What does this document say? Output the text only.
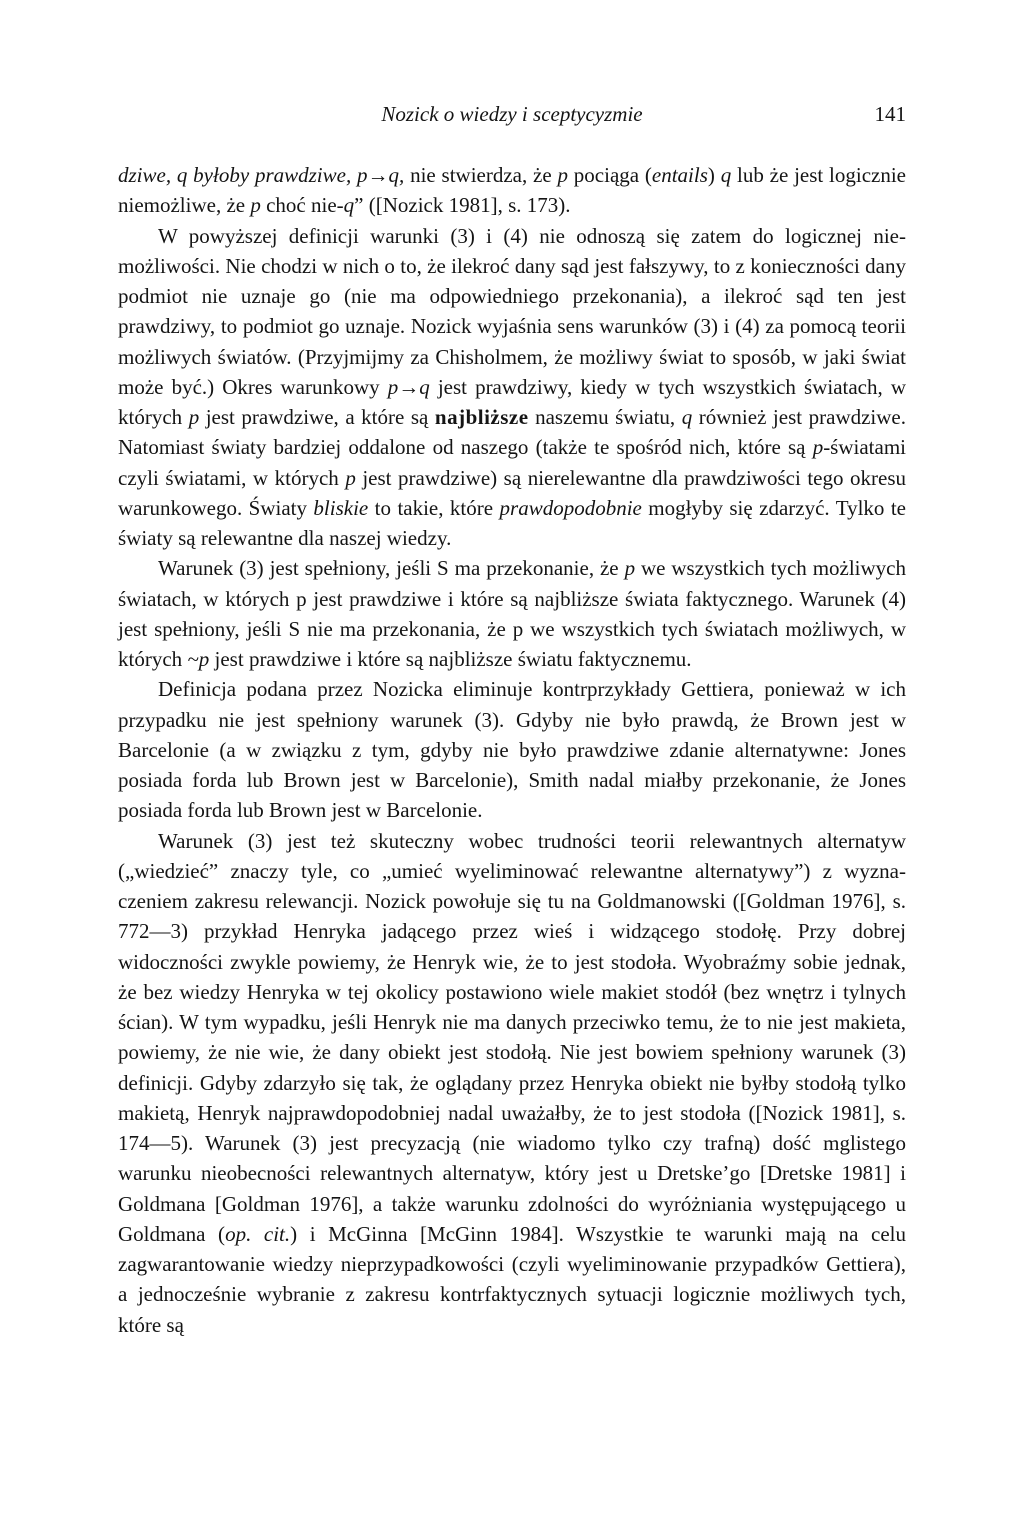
Nozick o wiedzy i sceptycyzmie	141

dziwe, q byłoby prawdziwe, p→q, nie stwierdza, że p pociąga (entails) q lub że jest logicznie niemożliwe, że p choć nie-q” ([Nozick 1981], s. 173).

W powyższej definicji warunki (3) i (4) nie odnoszą się zatem do logicznej niemożliwości. Nie chodzi w nich o to, że ilekroć dany sąd jest fałszywy, to z konieczności dany podmiot nie uznaje go (nie ma odpowiedniego przekonania), a ilekroć sąd ten jest prawdziwy, to podmiot go uznaje. Nozick wyjaśnia sens warunków (3) i (4) za pomocą teorii możliwych światów. (Przyjmijmy za Chisholmem, że możliwy świat to sposób, w jaki świat może być.) Okres warunkowy p→q jest prawdziwy, kiedy w tych wszystkich światach, w których p jest prawdziwe, a które są najbliższe naszemu światu, q również jest prawdziwe. Natomiast światy bardziej oddalone od naszego (także te spośród nich, które są p-światami czyli światami, w których p jest prawdziwe) są nierelewantne dla prawdziwości tego okresu warunkowego. Światy bliskie to takie, które prawdopodobnie mogłyby się zdarzyć. Tylko te światy są relewantne dla naszej wiedzy.

Warunek (3) jest spełniony, jeśli S ma przekonanie, że p we wszystkich tych możliwych światach, w których p jest prawdziwe i które są najbliższe świata faktycznego. Warunek (4) jest spełniony, jeśli S nie ma przekonania, że p we wszystkich tych światach możliwych, w których ~p jest prawdziwe i które są najbliższe światu faktycznemu.

Definicja podana przez Nozicka eliminuje kontrprzykłady Gettiera, ponieważ w ich przypadku nie jest spełniony warunek (3). Gdyby nie było prawdą, że Brown jest w Barcelonie (a w związku z tym, gdyby nie było prawdziwe zdanie alternatywne: Jones posiada forda lub Brown jest w Barcelonie), Smith nadal miałby przekonanie, że Jones posiada forda lub Brown jest w Barcelonie.

Warunek (3) jest też skuteczny wobec trudności teorii relewantnych alternatyw („wiedzieć” znaczy tyle, co „umieć wyeliminować relewantne alternatywy”) z wyznaczeniem zakresu relewancji. Nozick powołuje się tu na Goldmanowski ([Goldman 1976], s. 772—3) przykład Henryka jadącego przez wieś i widzącego stodołę. Przy dobrej widoczności zwykle powiemy, że Henryk wie, że to jest stodoła. Wyobraźmy sobie jednak, że bez wiedzy Henryka w tej okolicy postawiono wiele makiet stodół (bez wnętrz i tylnych ścian). W tym wypadku, jeśli Henryk nie ma danych przeciwko temu, że to nie jest makieta, powiemy, że nie wie, że dany obiekt jest stodołą. Nie jest bowiem spełniony warunek (3) definicji. Gdyby zdarzyło się tak, że oglądany przez Henryka obiekt nie byłby stodołą tylko makietą, Henryk najprawdopodobniej nadal uważałby, że to jest stodoła ([Nozick 1981], s. 174—5). Warunek (3) jest precyzacją (nie wiadomo tylko czy trafną) dość mglistego warunku nieobecności relewantnych alternatyw, który jest u Dretske’go [Dretske 1981] i Goldmana [Goldman 1976], a także warunku zdolności do wyróżniania występującego u Goldmana (op. cit.) i McGinna [McGinn 1984]. Wszystkie te warunki mają na celu zagwarantowanie wiedzy nieprzypadkowości (czyli wyeliminowanie przypadków Gettiera), a jednocześnie wybranie z zakresu kontrfaktycznych sytuacji logicznie możliwych tych, które są
